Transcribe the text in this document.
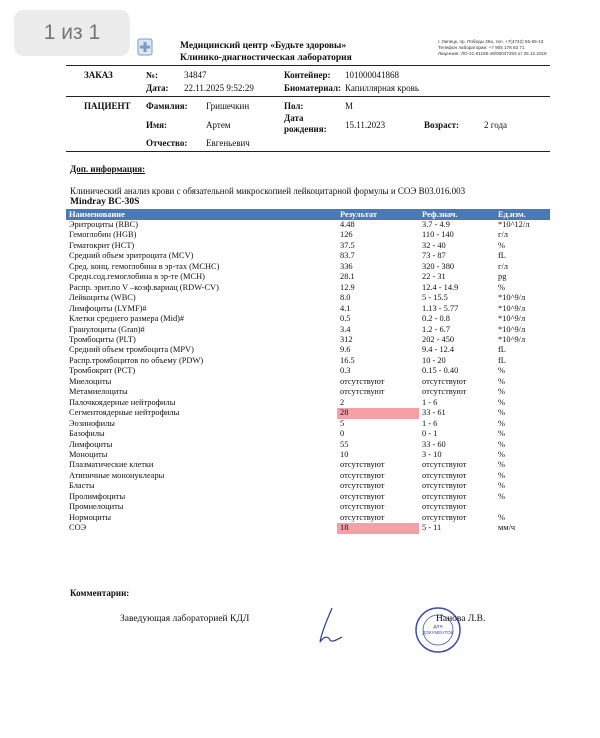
1 из 1
Медицинский центр «Будьте здоровы»
Клинико-диагностическая лаборатория
г. Липецк, пр. Победы 29а, тел. +7(4742) 55-55-13
Телефон лаборатории: +7 905 178 83 71
Лицензия: ЛО-41-01195-48/00047293 от 25.12.2019
ЗАКАЗ	№:	34847
Дата: 22.11.2025 9:52:29
Контейнер: 101000041868
Биоматериал: Капиллярная кровь
ПАЦИЕНТ Фамилия: Гришечкин
Имя:	Артем
Отчество: Евгеньевич
Пол:	М
Дата
рождения: 15.11.2023	Возраст:	2 года
Доп. информация:
Клинический анализ крови с обязательной микроскопией лейкоцитарной формулы и СОЭ B03.016.003
Mindray BC-30S
Наименование	Результат	Реф.знач.	Ед.изм.
Эритроциты (RBC)	4.48	3.7 - 4.9	*10^12/л
Гемоглобин (HGB)	126	110 - 140	г/л
Гематокрит (HCT)	37.5	32 - 40	%
Средний объем эритроцита (MCV)	83.7	73 - 87	fL
Сред. конц. гемоглобина в эр-тах (MCHC)	336	320 - 380	г/л
Средн.сод.гемоглобина в эр-те (MCH)	28.1	22 - 31	pg
Распр. эрит.по V –коэф.вариац (RDW-CV)	12.9	12.4 - 14.9	%
Лейкоциты (WBC)	8.0	5 - 15.5	*10^9/л
Лимфоциты (LYMF)#	4.1	1.13 - 5.77	*10^9/л
Клетки среднего размера (Mid)#	0.5	0.2 - 0.8	*10^9/л
Гранулоциты (Gran)#	3.4	1.2 - 6.7	*10^9/л
Тромбоциты (PLT)	312	202 - 450	*10^9/л
Средний объем тромбоцита (MPV)	9.6	9.4 - 12.4	fL
Распр.тромбоцитов по объему (PDW)	16.5	10 - 20	fL
Тромбокрит (PCT)	0.3	0.15 - 0.40	%
Миелоциты	отсутствуют	отсутствуют	%
Метамиелоциты	отсутствуют	отсутствуют	%
Палочкоядерные нейтрофилы	2	1 - 6	%
Сегментоядерные нейтрофилы	28	33 - 61	%
Эозинофилы	5	1 - 6	%
Базофилы	0	0 - 1	%
Лимфоциты	55	33 - 60	%
Моноциты	10	3 - 10	%
Плазматические клетки	отсутствуют	отсутствуют	%
Атипичные мононуклеары	отсутствуют	отсутствуют	%
Бласты	отсутствуют	отсутствуют	%
Пролимфоциты	отсутствуют	отсутствуют	%
Промиелоциты	отсутствуют	отсутствуют	
Нормоциты	отсутствуют	отсутствуют	%
СОЭ	18	5 - 11	мм/ч
Комментарии:
Заведующая лабораторией КДЛ
ДЛЯ
ДОКУМЕНТОВ
Нанова Л.В.
